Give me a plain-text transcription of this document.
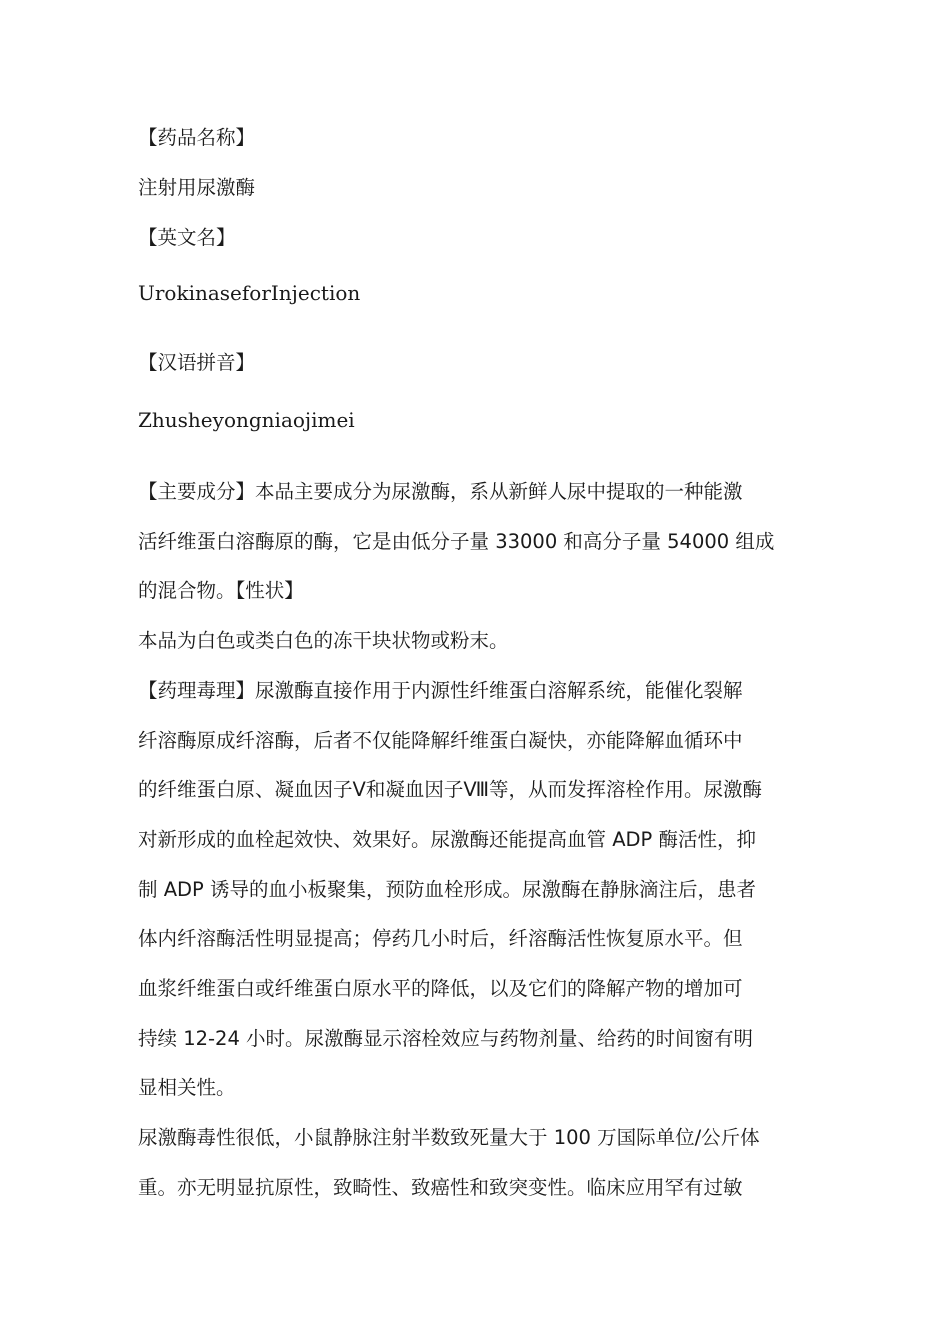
【药品名称】

注射用尿激酶

【英文名】

UrokinaseforInjection

【汉语拼音】

Zhusheyongniaojimei

【主要成分】本品主要成分为尿激酶，系从新鲜人尿中提取的一种能激
活纤维蛋白溶酶原的酶，它是由低分子量 33000 和高分子量 54000 组成
的混合物。【性状】
本品为白色或类白色的冻干块状物或粉末。
【药理毒理】尿激酶直接作用于内源性纤维蛋白溶解系统，能催化裂解
纤溶酶原成纤溶酶，后者不仅能降解纤维蛋白凝快，亦能降解血循环中
的纤维蛋白原、凝血因子Ⅴ和凝血因子Ⅷ等，从而发挥溶栓作用。尿激酶
对新形成的血栓起效快、效果好。尿激酶还能提高血管 ADP 酶活性，抑
制 ADP 诱导的血小板聚集，预防血栓形成。尿激酶在静脉滴注后，患者
体内纤溶酶活性明显提高；停药几小时后，纤溶酶活性恢复原水平。但
血浆纤维蛋白或纤维蛋白原水平的降低，以及它们的降解产物的增加可
持续 12-24 小时。尿激酶显示溶栓效应与药物剂量、给药的时间窗有明
显相关性。
尿激酶毒性很低，小鼠静脉注射半数致死量大于 100 万国际单位/公斤体
重。亦无明显抗原性，致畸性、致癌性和致突变性。临床应用罕有过敏
